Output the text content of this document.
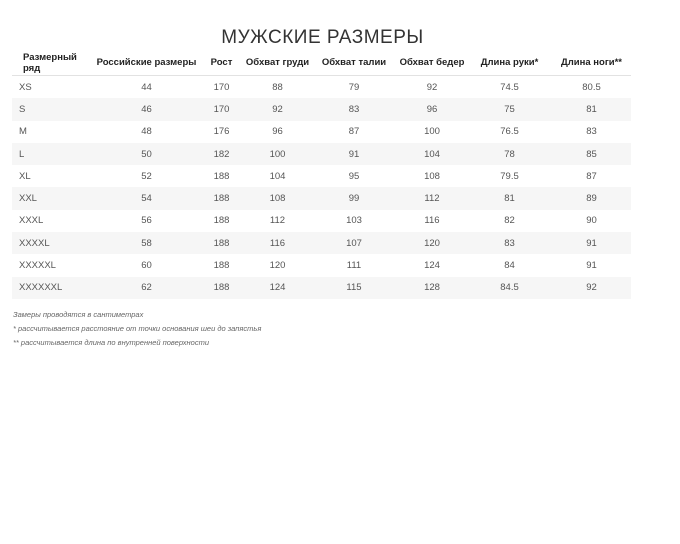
МУЖСКИЕ РАЗМЕРЫ
Размерный ряд	Российские размеры	Рост	Обхват груди	Обхват талии	Обхват бедер	Длина руки*	Длина ноги**
XS	44	170	88	79	92	74.5	80.5
S	46	170	92	83	96	75	81
M	48	176	96	87	100	76.5	83
L	50	182	100	91	104	78	85
XL	52	188	104	95	108	79.5	87
XXL	54	188	108	99	112	81	89
XXXL	56	188	112	103	116	82	90
XXXXL	58	188	116	107	120	83	91
XXXXXL	60	188	120	111	124	84	91
XXXXXXL	62	188	124	115	128	84.5	92

Замеры проводятся в сантиметрах

* рассчитывается расстояние от точки основания шеи до запястья

** рассчитывается длина по внутренней поверхности
